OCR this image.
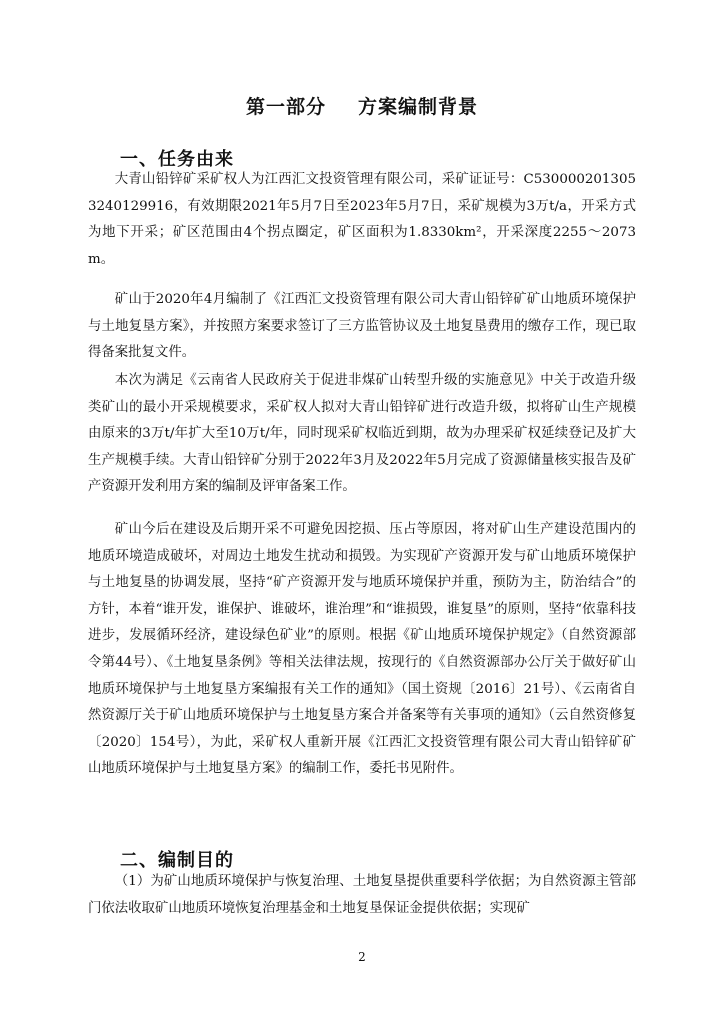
第一部分 方案编制背景
一、任务由来

大青山铅锌矿采矿权人为江西汇文投资管理有限公司，采矿证证号：C5300002013053240129916，有效期限2021年5月7日至2023年5月7日，采矿规模为3万t/a，开采方式为地下开采；矿区范围由4个拐点圈定，矿区面积为1.8330km²，开采深度2255～2073m。

矿山于2020年4月编制了《江西汇文投资管理有限公司大青山铅锌矿矿山地质环境保护与土地复垦方案》，并按照方案要求签订了三方监管协议及土地复垦费用的缴存工作，现已取得备案批复文件。

本次为满足《云南省人民政府关于促进非煤矿山转型升级的实施意见》中关于改造升级类矿山的最小开采规模要求，采矿权人拟对大青山铅锌矿进行改造升级，拟将矿山生产规模由原来的3万t/年扩大至10万t/年，同时现采矿权临近到期，故为办理采矿权延续登记及扩大生产规模手续。大青山铅锌矿分别于2022年3月及2022年5月完成了资源储量核实报告及矿产资源开发利用方案的编制及评审备案工作。

矿山今后在建设及后期开采不可避免因挖损、压占等原因，将对矿山生产建设范围内的地质环境造成破坏，对周边土地发生扰动和损毁。为实现矿产资源开发与矿山地质环境保护与土地复垦的协调发展，坚持“矿产资源开发与地质环境保护并重，预防为主，防治结合”的方针，本着“谁开发，谁保护、谁破坏，谁治理”和“谁损毁，谁复垦”的原则，坚持“依靠科技进步，发展循环经济，建设绿色矿业”的原则。根据《矿山地质环境保护规定》（自然资源部令第44号）、《土地复垦条例》等相关法律法规，按现行的《自然资源部办公厅关于做好矿山地质环境保护与土地复垦方案编报有关工作的通知》（国土资规〔2016〕21号）、《云南省自然资源厅关于矿山地质环境保护与土地复垦方案合并备案等有关事项的通知》（云自然资修复〔2020〕154号），为此，采矿权人重新开展《江西汇文投资管理有限公司大青山铅锌矿矿山地质环境保护与土地复垦方案》的编制工作，委托书见附件。

二、编制目的

（1）为矿山地质环境保护与恢复治理、土地复垦提供重要科学依据；为自然资源主管部门依法收取矿山地质环境恢复治理基金和土地复垦保证金提供依据；实现矿

2
